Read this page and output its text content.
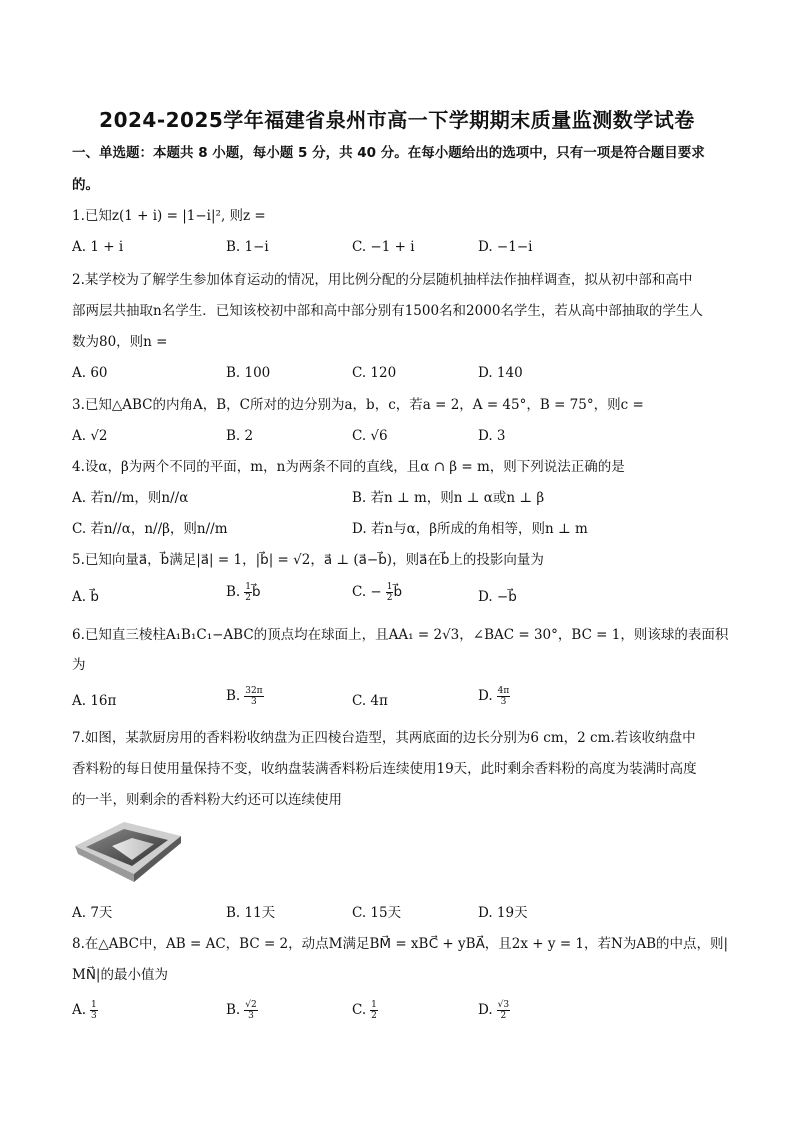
2024-2025学年福建省泉州市高一下学期期末质量监测数学试卷
一、单选题：本题共 8 小题，每小题 5 分，共 40 分。在每小题给出的选项中，只有一项是符合题目要求
的。
1.已知z(1 + i) = |1−i|², 则z =
A. 1 + i	B. 1−i	C. −1 + i	D. −1−i
2.某学校为了解学生参加体育运动的情况，用比例分配的分层随机抽样法作抽样调查，拟从初中部和高中
部两层共抽取n名学生．已知该校初中部和高中部分别有1500名和2000名学生，若从高中部抽取的学生人
数为80，则n =
A. 60	B. 100	C. 120	D. 140
3.已知△ABC的内角A，B，C所对的边分别为a，b，c，若a = 2，A = 45°，B = 75°，则c =
A. √2	B. 2	C. √6	D. 3
4.设α，β为两个不同的平面，m，n为两条不同的直线，且α ∩ β = m，则下列说法正确的是
A. 若n//m，则n//α	B. 若n ⊥ m，则n ⊥ α或n ⊥ β
C. 若n//α，n//β，则n//m	D. 若n与α，β所成的角相等，则n ⊥ m
5.已知向量a⃗，b⃗满足|a⃗| = 1，|b⃗| = √2，a⃗ ⊥ (a⃗−b⃗)，则a⃗在b⃗上的投影向量为
A. b⃗	B. $\frac{1}{2}$ b⃗	C. − $\frac{1}{2}$ b⃗	D. −b⃗
6.已知直三棱柱A₁B₁C₁−ABC的顶点均在球面上，且AA₁ = 2√3，∠BAC = 30°，BC = 1，则该球的表面积
为
A. 16π	B. $\frac{32\pi}{3}$	C. 4π	D. $\frac{4\pi}{3}$
7.如图，某款厨房用的香料粉收纳盘为正四棱台造型，其两底面的边长分别为6 cm，2 cm.若该收纳盘中
香料粉的每日使用量保持不变，收纳盘装满香料粉后连续使用19天，此时剩余香料粉的高度为装满时高度
的一半，则剩余的香料粉大约还可以连续使用
A. 7天	B. 11天	C. 15天	D. 19天
8.在△ABC中，AB = AC，BC = 2，动点M满足BM⃗ = xBC⃗ + yBA⃗，且2x + y = 1，若N为AB的中点，则|
MN⃗|的最小值为
A. $\frac{1}{3}$	B. $\frac{√2}{3}$	C. $\frac{1}{2}$	D. $\frac{√3}{2}$
